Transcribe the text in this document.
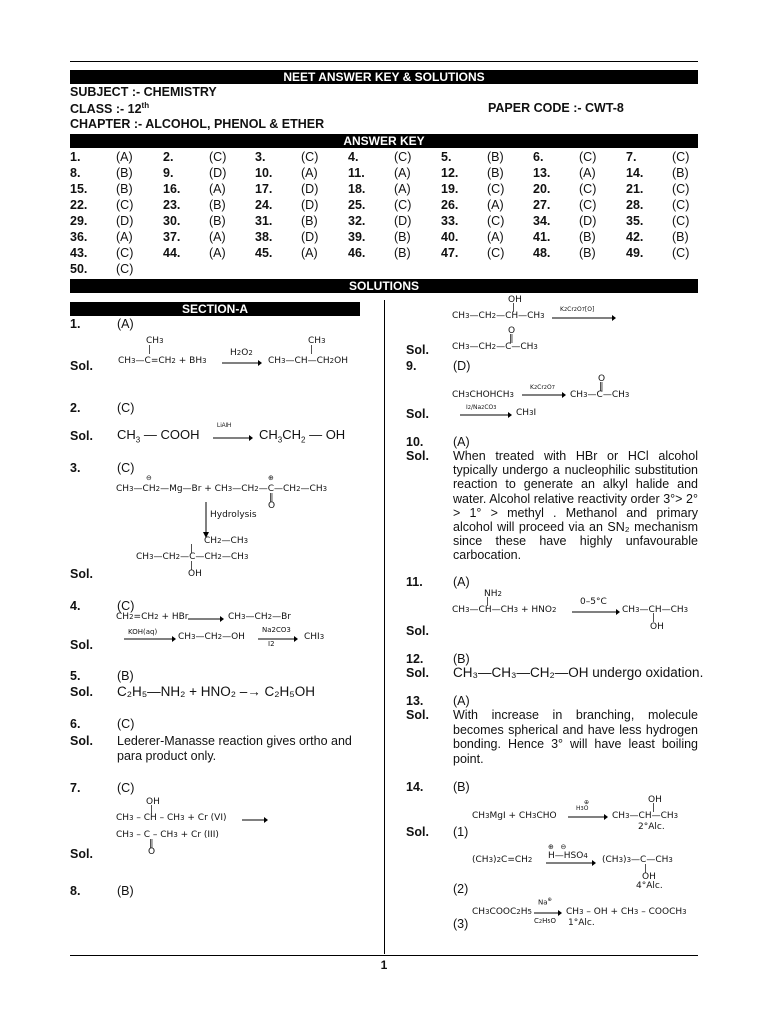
NEET ANSWER KEY & SOLUTIONS
SUBJECT :- CHEMISTRY
CLASS :- 12th	PAPER CODE :- CWT-8
CHAPTER :- ALCOHOL, PHENOL & ETHER
ANSWER KEY
1.	(A) 2.	(C) 3.	(C) 4.	(C) 5.	(B) 6.	(C) 7.	(C)
8.	(B) 9.	(D) 10. (A) 11. (A) 12. (B) 13. (A) 14. (B)
15. (B) 16. (A) 17. (D) 18. (A) 19. (C) 20. (C) 21. (C)
22. (C) 23. (B) 24. (D) 25. (C) 26. (A) 27. (C) 28. (C)
29. (D) 30. (B) 31. (B) 32. (D) 33. (C) 34. (D) 35. (C)
36. (A) 37. (A) 38. (D) 39. (B) 40. (A) 41. (B) 42. (B)
43. (C) 44. (A) 45. (A) 46. (B) 47. (C) 48. (B) 49. (C)
50. (C)
SOLUTIONS
SECTION-A
1.	(A)
Sol.
CH3
|
CH3—C=CH2 + BH3
H2O2
CH3
|
CH3—CH—CH2OH
2.	(C)
Sol. $CH_3$ — COOH
LiAlH
$CH_3CH_2$ — OH
3.	(C)
⊖
CH3—CH2—Mg—Br + CH3—CH2—C—CH2—CH3
⊕
‖
O
Hydrolysis
CH2—CH3
|
CH3—CH2—C—CH2—CH3
|
OH
Sol.
4.	(C)
CH2=CH2 + HBr	CH3—CH2—Br
KOH(aq) CH3—CH2—OH
Na2CO3
I2
CHI3
Sol.
5.	(B)
Sol. C₂H₅—NH₂ + HNO₂ –→ C₂H₅OH
6.	(C)
Sol. Lederer-Manasse reaction gives ortho and para product only.
7.	(C)
OH
|
CH3 – CH – CH3 + Cr (VI)
CH3 – C – CH3 + Cr (III)
‖
O
Sol.
8.	(B)
OH
|
CH3—CH2—CH—CH3
K2Cr2O7[O]
O
‖
CH3—CH2—C—CH3
Sol.
9.	(D)
CH3CHOHCH3
K2Cr2O7
O
‖
CH3—C—CH3
I2/Na2CO3 CH3I
Sol.
10. (A)
Sol. When treated with HBr or HCl alcohol typically undergo a nucleophilic substitution reaction to generate an alkyl halide and water. Alcohol relative reactivity order 3°> 2° > 1° > methyl . Methanol and primary alcohol will proceed via an SN₂ mechanism since these have highly unfavourable carbocation.
11. (A)
NH2
|
CH3—CH—CH3 + HNO2
0–5°C
CH3—CH—CH3
|
OH
Sol.
12. (B)
Sol. CH₃—CH₃—CH₂—OH undergo oxidation.
13. (A)
Sol. With increase in branching, molecule becomes spherical and have less hydrogen bonding. Hence 3° will have least boiling point.
14. (B)
OH
|
CH3MgI + CH3CHO
⊕
H3O
CH3—CH—CH3
2°Alc.
Sol. (1)
⊕   ⊖
(CH3)2C=CH2 H—HSO4 (CH3)3—C—CH3
|
OH
4°Alc.
(2)
Na⊕
CH3COOC2H5
C2H5O
CH3 – OH + CH3 – COOCH3
1°Alc.
(3)
1
